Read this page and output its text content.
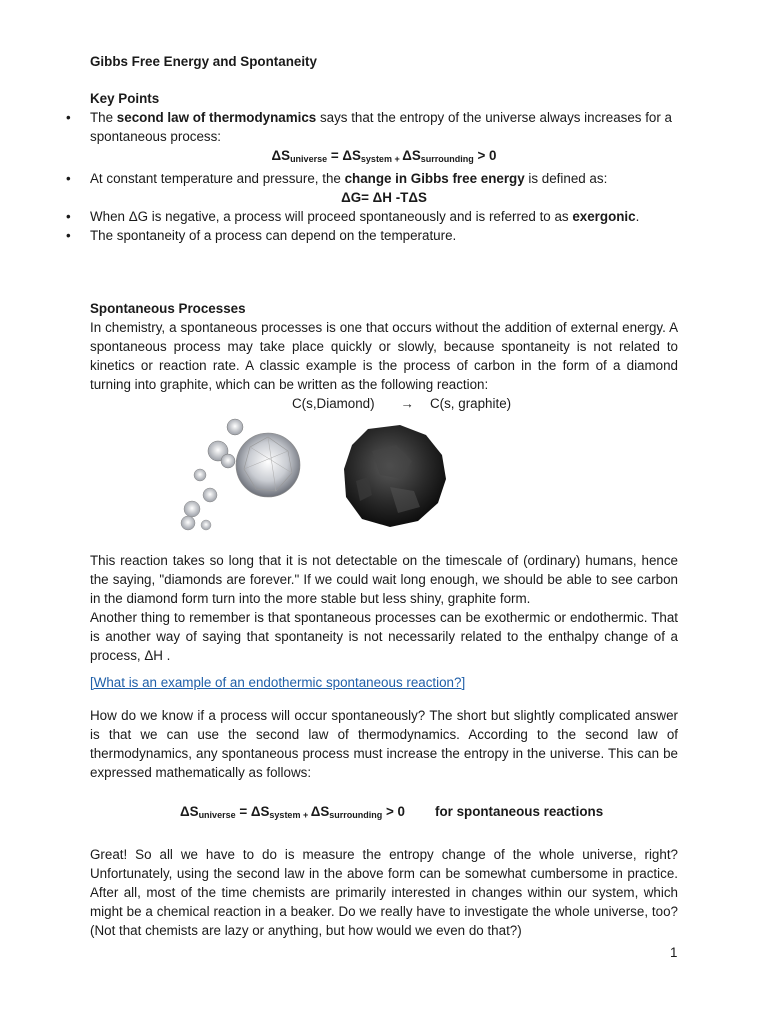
Gibbs Free Energy and Spontaneity

Key Points

• The second law of thermodynamics says that the entropy of the universe always increases for a spontaneous process:
$\Delta S_{universe} = \Delta S_{system}$ $_+$ $\Delta S_{surrounding} > 0$
• At constant temperature and pressure, the change in Gibbs free energy is defined as:
ΔG= ΔH -TΔS
• When ΔG is negative, a process will proceed spontaneously and is referred to as exergonic.
• The spontaneity of a process can depend on the temperature.

Spontaneous Processes

In chemistry, a spontaneous processes is one that occurs without the addition of external energy. A spontaneous process may take place quickly or slowly, because spontaneity is not related to kinetics or reaction rate. A classic example is the process of carbon in the form of a diamond turning into graphite, which can be written as the following reaction:

C(s,Diamond) → C(s, graphite)

This reaction takes so long that it is not detectable on the timescale of (ordinary) humans, hence the saying, "diamonds are forever." If we could wait long enough, we should be able to see carbon in the diamond form turn into the more stable but less shiny, graphite form.

Another thing to remember is that spontaneous processes can be exothermic or endothermic. That is another way of saying that spontaneity is not necessarily related to the enthalpy change of a process, ΔH .

[What is an example of an endothermic spontaneous reaction?]

How do we know if a process will occur spontaneously? The short but slightly complicated answer is that we can use the second law of thermodynamics. According to the second law of thermodynamics, any spontaneous process must increase the entropy in the universe. This can be expressed mathematically as follows:

$\Delta S_{universe} = \Delta S_{system}$ $_+$ $\Delta S_{surrounding} > 0$ for spontaneous reactions

Great! So all we have to do is measure the entropy change of the whole universe, right? Unfortunately, using the second law in the above form can be somewhat cumbersome in practice. After all, most of the time chemists are primarily interested in changes within our system, which might be a chemical reaction in a beaker. Do we really have to investigate the whole universe, too? (Not that chemists are lazy or anything, but how would we even do that?)

1
